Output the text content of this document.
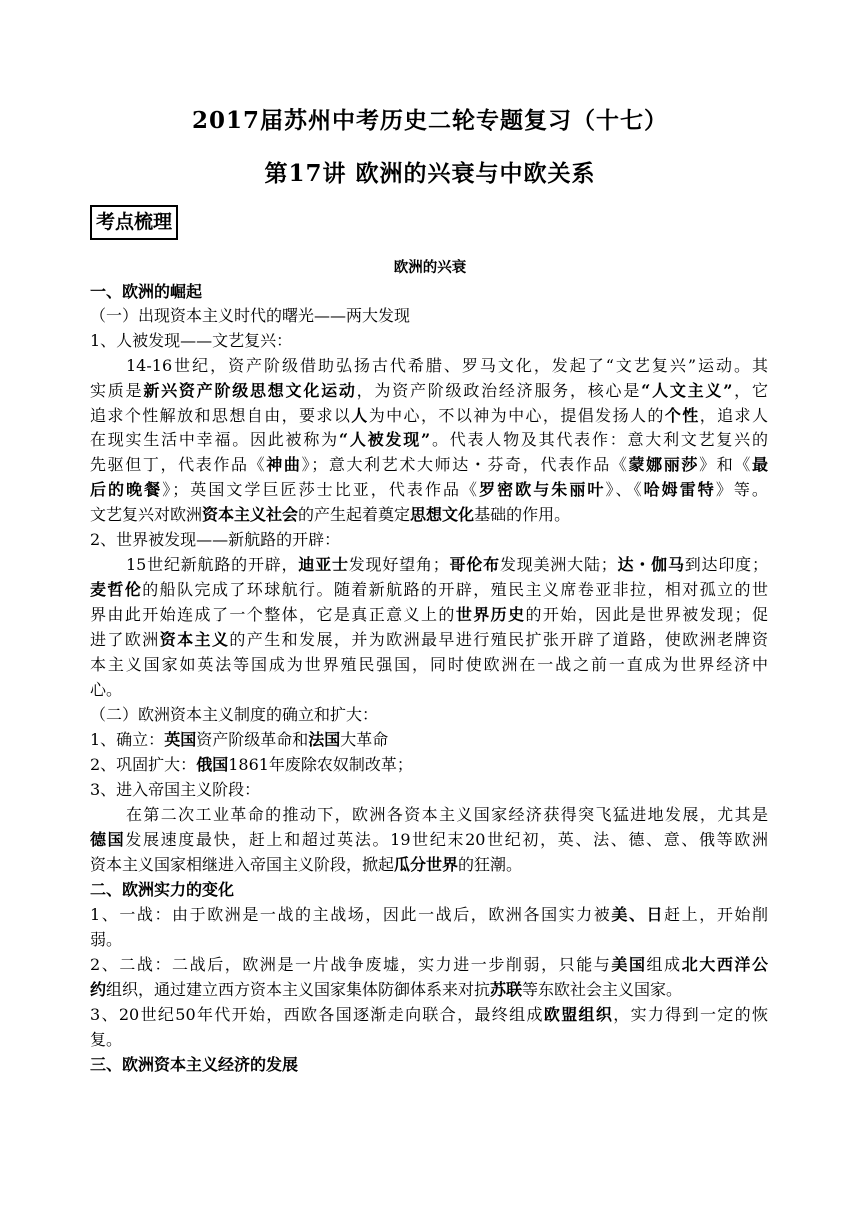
2017届苏州中考历史二轮专题复习（十七）
第17讲 欧洲的兴衰与中欧关系
考点梳理
欧洲的兴衰
一、欧洲的崛起
（一）出现资本主义时代的曙光——两大发现
1、人被发现——文艺复兴：
14-16世纪，资产阶级借助弘扬古代希腊、罗马文化，发起了“文艺复兴”运动。其
实质是新兴资产阶级思想文化运动，为资产阶级政治经济服务，核心是“人文主义”，它
追求个性解放和思想自由，要求以人为中心，不以神为中心，提倡发扬人的个性，追求人
在现实生活中幸福。因此被称为“人被发现”。代表人物及其代表作：意大利文艺复兴的
先驱但丁，代表作品《神曲》；意大利艺术大师达・芬奇，代表作品《蒙娜丽莎》和《最
后的晚餐》；英国文学巨匠莎士比亚，代表作品《罗密欧与朱丽叶》、《哈姆雷特》等。
文艺复兴对欧洲资本主义社会的产生起着奠定思想文化基础的作用。
2、世界被发现——新航路的开辟：
15世纪新航路的开辟，迪亚士发现好望角；哥伦布发现美洲大陆；达・伽马到达印度；
麦哲伦的船队完成了环球航行。随着新航路的开辟，殖民主义席卷亚非拉，相对孤立的世
界由此开始连成了一个整体，它是真正意义上的世界历史的开始，因此是世界被发现；促
进了欧洲资本主义的产生和发展，并为欧洲最早进行殖民扩张开辟了道路，使欧洲老牌资
本主义国家如英法等国成为世界殖民强国，同时使欧洲在一战之前一直成为世界经济中
心。
（二）欧洲资本主义制度的确立和扩大：
1、确立：英国资产阶级革命和法国大革命
2、巩固扩大：俄国1861年废除农奴制改革；
3、进入帝国主义阶段：
在第二次工业革命的推动下，欧洲各资本主义国家经济获得突飞猛进地发展，尤其是
德国发展速度最快，赶上和超过英法。19世纪末20世纪初，英、法、德、意、俄等欧洲
资本主义国家相继进入帝国主义阶段，掀起瓜分世界的狂潮。
二、欧洲实力的变化
1、一战：由于欧洲是一战的主战场，因此一战后，欧洲各国实力被美、日赶上，开始削
弱。
2、二战：二战后，欧洲是一片战争废墟，实力进一步削弱，只能与美国组成北大西洋公
约组织，通过建立西方资本主义国家集体防御体系来对抗苏联等东欧社会主义国家。
3、20世纪50年代开始，西欧各国逐渐走向联合，最终组成欧盟组织，实力得到一定的恢
复。
三、欧洲资本主义经济的发展
